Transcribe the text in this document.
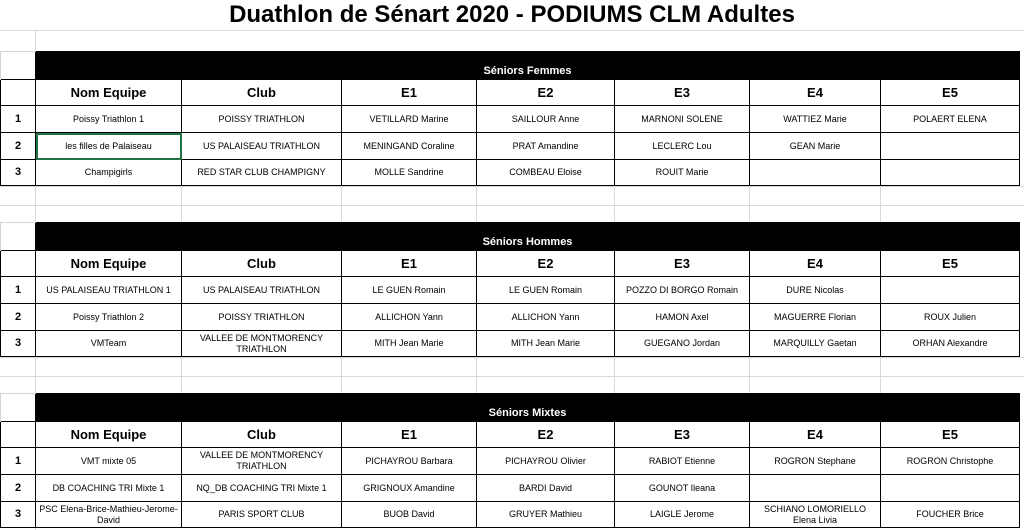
Duathlon de Sénart 2020 - PODIUMS CLM Adultes
	Séniors Femmes						
	Nom Equipe	Club	E1	E2	E3	E4	E5
1	Poissy Triathlon 1	POISSY TRIATHLON	VETILLARD Marine	SAILLOUR Anne	MARNONI SOLENE	WATTIEZ Marie	POLAERT ELENA
2	les filles de Palaiseau	US PALAISEAU TRIATHLON	MENINGAND Coraline	PRAT Amandine	LECLERC Lou	GEAN Marie	
3	Champigirls	RED STAR CLUB CHAMPIGNY	MOLLE Sandrine	COMBEAU Eloise	ROUIT Marie		
	Séniors Hommes						
	Nom Equipe	Club	E1	E2	E3	E4	E5
1	US PALAISEAU TRIATHLON 1	US PALAISEAU TRIATHLON	LE GUEN Romain	LE GUEN Romain	POZZO DI BORGO Romain	DURE Nicolas	
2	Poissy Triathlon 2	POISSY TRIATHLON	ALLICHON Yann	ALLICHON Yann	HAMON Axel	MAGUERRE Florian	ROUX Julien
3	VMTeam	VALLEE DE MONTMORENCY TRIATHLON	MITH Jean Marie	MITH Jean Marie	GUEGANO Jordan	MARQUILLY Gaetan	ORHAN Alexandre
	Séniors Mixtes						
	Nom Equipe	Club	E1	E2	E3	E4	E5
1	VMT mixte 05	VALLEE DE MONTMORENCY TRIATHLON	PICHAYROU Barbara	PICHAYROU Olivier	RABIOT Etienne	ROGRON Stephane	ROGRON Christophe
2	DB COACHING TRI Mixte 1	NQ_DB COACHING TRI Mixte 1	GRIGNOUX Amandine	BARDI David	GOUNOT Ileana		
3	PSC Elena-Brice-Mathieu-Jerome-David	PARIS SPORT CLUB	BUOB David	GRUYER Mathieu	LAIGLE Jerome	SCHIANO LOMORIELLO Elena Livia	FOUCHER Brice
